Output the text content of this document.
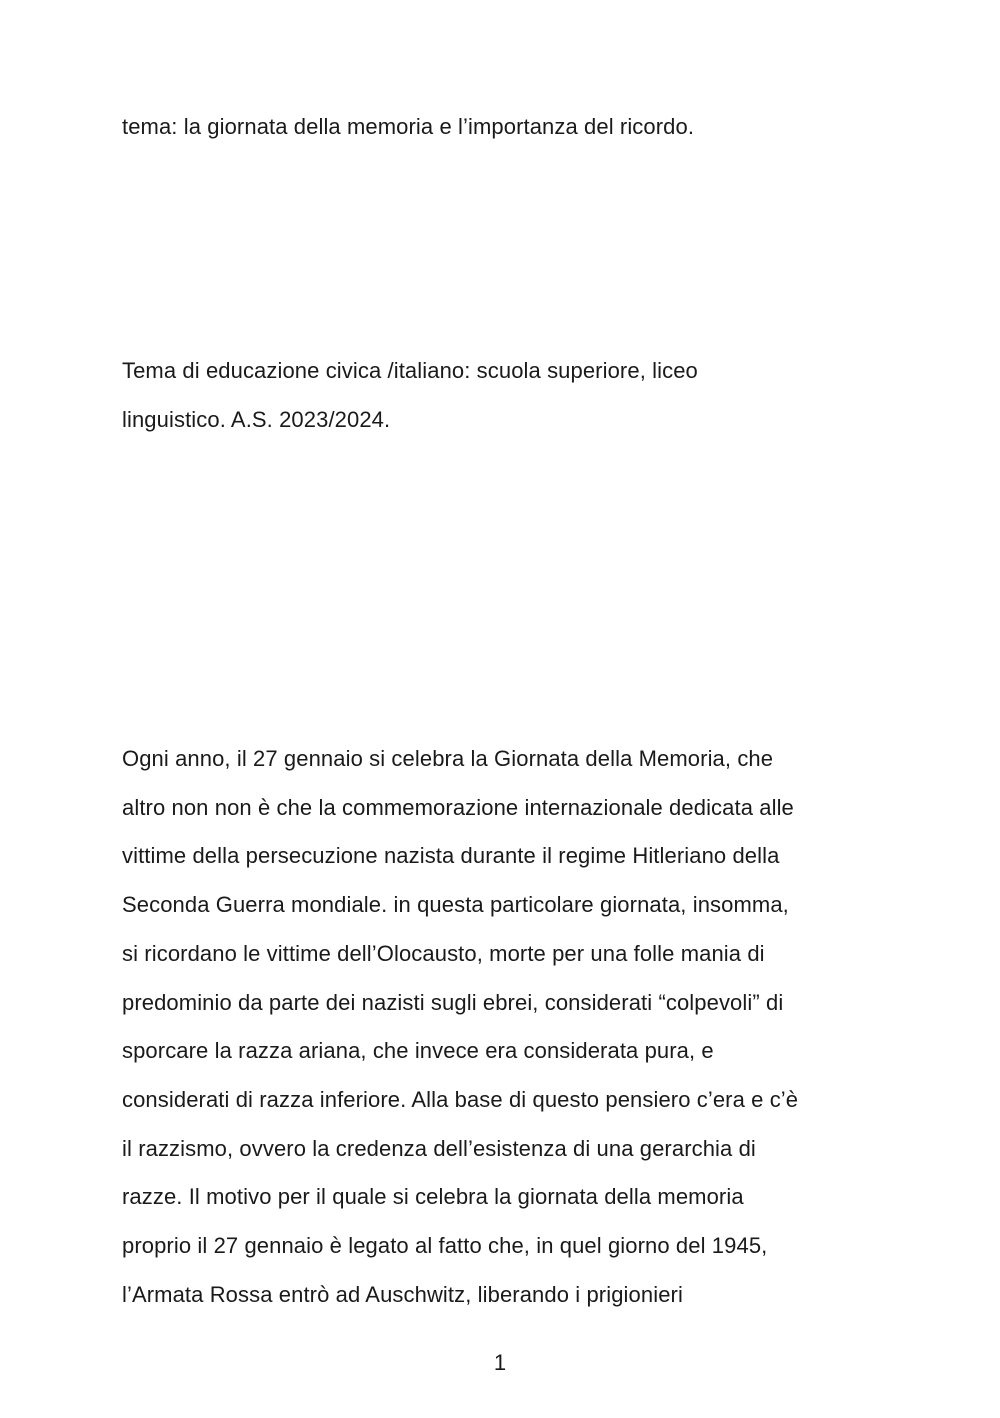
tema: la giornata della memoria e l’importanza del ricordo.
Tema di educazione civica /italiano: scuola superiore, liceo
linguistico. A.S. 2023/2024.
Ogni anno, il 27 gennaio si celebra la Giornata della Memoria, che
altro non non è che la commemorazione internazionale dedicata alle
vittime della persecuzione nazista durante il regime Hitleriano della
Seconda Guerra mondiale. in questa particolare giornata, insomma,
si ricordano le vittime dell’Olocausto, morte per una folle mania di
predominio da parte dei nazisti sugli ebrei, considerati “colpevoli” di
sporcare la razza ariana, che invece era considerata pura, e
considerati di razza inferiore. Alla base di questo pensiero c’era e c’è
il razzismo, ovvero la credenza dell’esistenza di una gerarchia di
razze. Il motivo per il quale si celebra la giornata della memoria
proprio il 27 gennaio è legato al fatto che, in quel giorno del 1945,
l’Armata Rossa entrò ad Auschwitz, liberando i prigionieri
1
